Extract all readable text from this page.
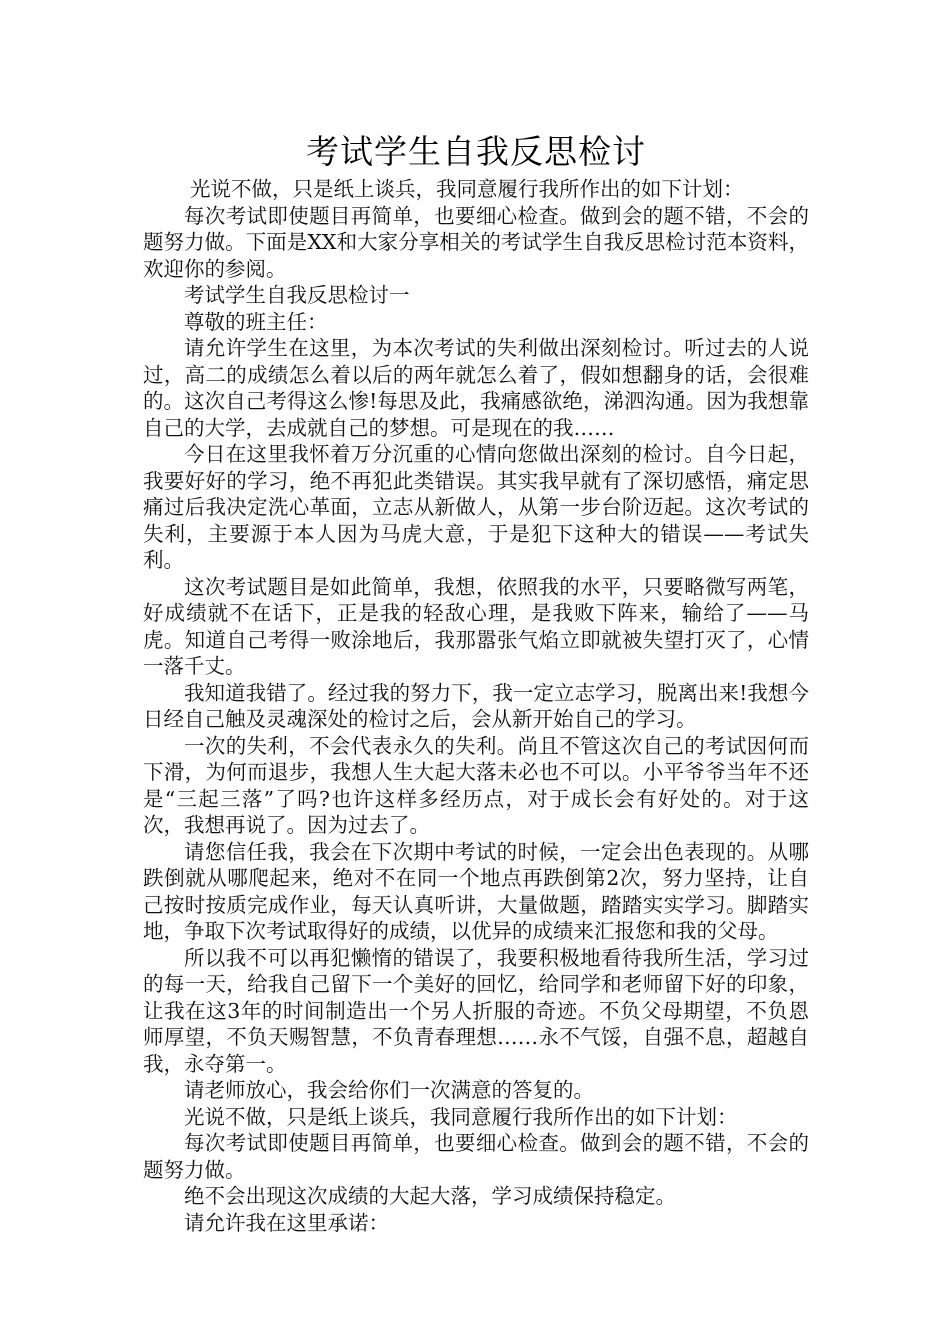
考试学生自我反思检讨

光说不做，只是纸上谈兵，我同意履行我所作出的如下计划：

每次考试即使题目再简单，也要细心检查。做到会的题不错，不会的题努力做。下面是XX和大家分享相关的考试学生自我反思检讨范本资料，欢迎你的参阅。

考试学生自我反思检讨一

尊敬的班主任：

请允许学生在这里，为本次考试的失利做出深刻检讨。听过去的人说过，高二的成绩怎么着以后的两年就怎么着了，假如想翻身的话，会很难的。这次自己考得这么惨!每思及此，我痛感欲绝，涕泗沟通。因为我想靠自己的大学，去成就自己的梦想。可是现在的我……

今日在这里我怀着万分沉重的心情向您做出深刻的检讨。自今日起，我要好好的学习，绝不再犯此类错误。其实我早就有了深切感悟，痛定思痛过后我决定洗心革面，立志从新做人，从第一步台阶迈起。这次考试的失利，主要源于本人因为马虎大意，于是犯下这种大的错误——考试失利。

这次考试题目是如此简单，我想，依照我的水平，只要略微写两笔，好成绩就不在话下，正是我的轻敌心理，是我败下阵来，输给了——马虎。知道自己考得一败涂地后，我那嚣张气焰立即就被失望打灭了，心情一落千丈。

我知道我错了。经过我的努力下，我一定立志学习，脱离出来!我想今日经自己触及灵魂深处的检讨之后，会从新开始自己的学习。

一次的失利，不会代表永久的失利。尚且不管这次自己的考试因何而下滑，为何而退步，我想人生大起大落未必也不可以。小平爷爷当年不还是“三起三落”了吗?也许这样多经历点，对于成长会有好处的。对于这次，我想再说了。因为过去了。

请您信任我，我会在下次期中考试的时候，一定会出色表现的。从哪跌倒就从哪爬起来，绝对不在同一个地点再跌倒第2次，努力坚持，让自己按时按质完成作业，每天认真听讲，大量做题，踏踏实实学习。脚踏实地，争取下次考试取得好的成绩，以优异的成绩来汇报您和我的父母。

所以我不可以再犯懒惰的错误了，我要积极地看待我所生活，学习过的每一天，给我自己留下一个美好的回忆，给同学和老师留下好的印象，让我在这3年的时间制造出一个另人折服的奇迹。不负父母期望，不负恩师厚望，不负天赐智慧，不负青春理想……永不气馁，自强不息，超越自我，永夺第一。

请老师放心，我会给你们一次满意的答复的。

光说不做，只是纸上谈兵，我同意履行我所作出的如下计划：

每次考试即使题目再简单，也要细心检查。做到会的题不错，不会的题努力做。

绝不会出现这次成绩的大起大落，学习成绩保持稳定。

请允许我在这里承诺：
